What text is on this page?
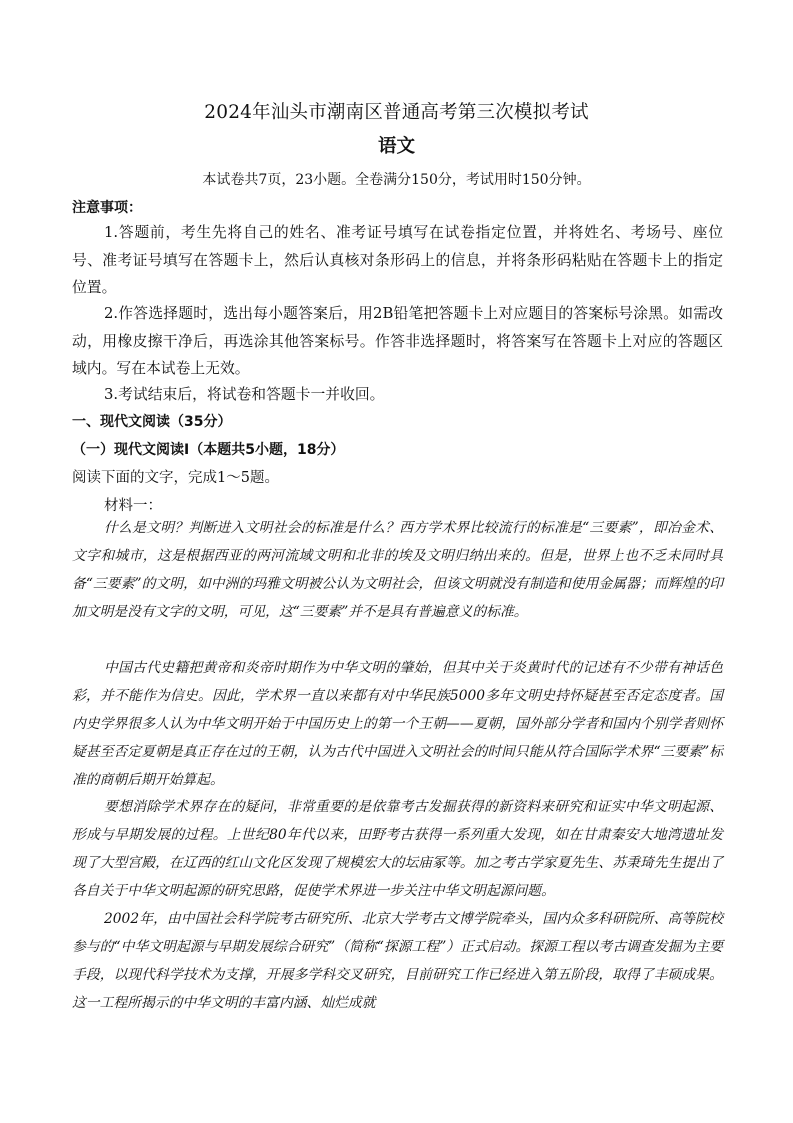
2024年汕头市潮南区普通高考第三次模拟考试
语文
本试卷共7页，23小题。全卷满分150分，考试用时150分钟。
注意事项：

1.答题前，考生先将自己的姓名、准考证号填写在试卷指定位置，并将姓名、考场号、座位号、准考证号填写在答题卡上，然后认真核对条形码上的信息，并将条形码粘贴在答题卡上的指定位置。

2.作答选择题时，选出每小题答案后，用2B铅笔把答题卡上对应题目的答案标号涂黑。如需改动，用橡皮擦干净后，再选涂其他答案标号。作答非选择题时，将答案写在答题卡上对应的答题区域内。写在本试卷上无效。

3.考试结束后，将试卷和答题卡一并收回。

一、现代文阅读（35分）
（一）现代文阅读I（本题共5小题，18分）
阅读下面的文字，完成1～5题。
材料一：

什么是文明？判断进入文明社会的标准是什么？西方学术界比较流行的标准是“三要素”，即冶金术、文字和城市，这是根据西亚的两河流域文明和北非的埃及文明归纳出来的。但是，世界上也不乏未同时具备“三要素”的文明，如中洲的玛雅文明被公认为文明社会，但该文明就没有制造和使用金属器；而辉煌的印加文明是没有文字的文明，可见，这“三要素”并不是具有普遍意义的标准。

中国古代史籍把黄帝和炎帝时期作为中华文明的肇始，但其中关于炎黄时代的记述有不少带有神话色彩，并不能作为信史。因此，学术界一直以来都有对中华民族5000多年文明史持怀疑甚至否定态度者。国内史学界很多人认为中华文明开始于中国历史上的第一个王朝——夏朝，国外部分学者和国内个别学者则怀疑甚至否定夏朝是真正存在过的王朝，认为古代中国进入文明社会的时间只能从符合国际学术界“三要素”标准的商朝后期开始算起。

要想消除学术界存在的疑问，非常重要的是依靠考古发掘获得的新资料来研究和证实中华文明起源、形成与早期发展的过程。上世纪80年代以来，田野考古获得一系列重大发现，如在甘肃秦安大地湾遗址发现了大型宫殿，在辽西的红山文化区发现了规模宏大的坛庙冢等。加之考古学家夏先生、苏秉琦先生提出了各自关于中华文明起源的研究思路，促使学术界进一步关注中华文明起源问题。

2002年，由中国社会科学院考古研究所、北京大学考古文博学院牵头，国内众多科研院所、高等院校参与的“中华文明起源与早期发展综合研究”（简称“探源工程”）正式启动。探源工程以考古调查发掘为主要手段，以现代科学技术为支撑，开展多学科交叉研究，目前研究工作已经进入第五阶段，取得了丰硕成果。这一工程所揭示的中华文明的丰富内涵、灿烂成就
